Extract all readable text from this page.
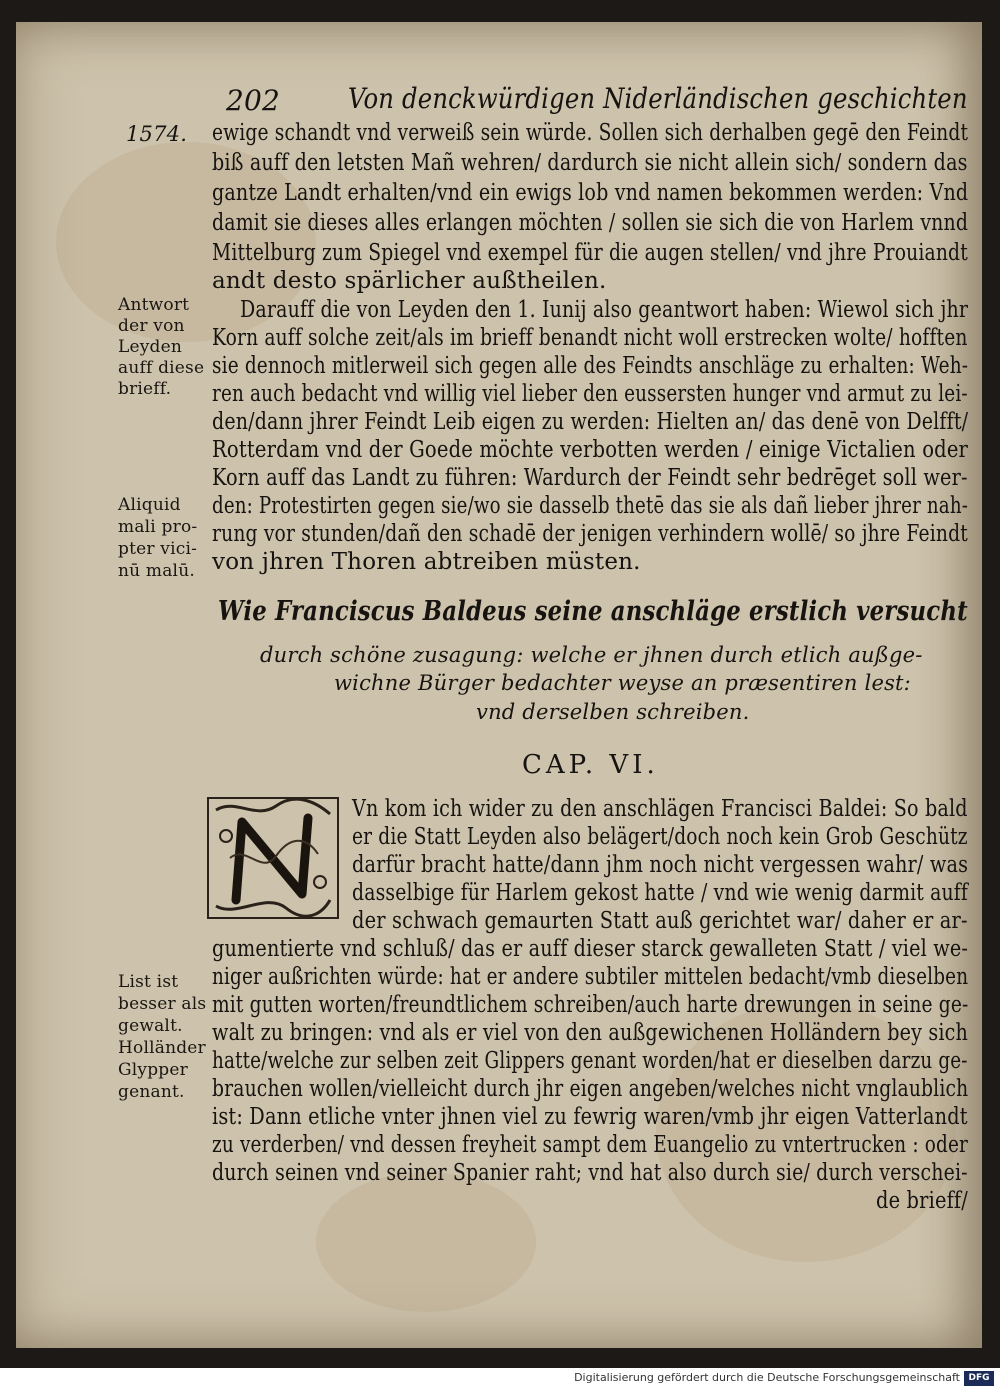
202 Von denckwürdigen Niderländischen geschichten
1574. ewige schandt vnd verweiß sein würde. Sollen sich derhalben gegē den Feindt
biß auff den letsten Mañ wehren/ dardurch sie nicht allein sich/ sondern das
gantze Landt erhalten/vnd ein ewigs lob vnd namen bekommen werden: Vnd
damit sie dieses alles erlangen möchten / sollen sie sich die von Harlem vnnd
Mittelburg zum Spiegel vnd exempel für die augen stellen/ vnd jhre Prouiandt
andt desto spärlicher außtheilen.
Antwort
der von
Leyden
auff diese
brieff.
Darauff die von Leyden den 1. Iunij also geantwort haben: Wiewol sich jhr
Korn auff solche zeit/als im brieff benandt nicht woll erstrecken wolte/ hofften
sie dennoch mitlerweil sich gegen alle des Feindts anschläge zu erhalten: Weh-
ren auch bedacht vnd willig viel lieber den eussersten hunger vnd armut zu lei-
den/dann jhrer Feindt Leib eigen zu werden: Hielten an/ das denē von Delfft/
Rotterdam vnd der Goede möchte verbotten werden / einige Victalien oder
Korn auff das Landt zu führen: Wardurch der Feindt sehr bedrēget soll wer-
den: Protestirten gegen sie/wo sie dasselb thetē das sie als dañ lieber jhrer nah-
rung vor stunden/dañ den schadē der jenigen verhindern wollē/ so jhre Feindt
von jhren Thoren abtreiben müsten.
Aliquid
mali pro-
pter vici-
nū malū.
Wie Franciscus Baldeus seine anschläge erstlich versucht
durch schöne zusagung: welche er jhnen durch etlich außge-
wichne Bürger bedachter weyse an præsentiren lest:
vnd derselben schreiben.
CAP. VI.
Vn kom ich wider zu den anschlägen Francisci Baldei: So bald
er die Statt Leyden also belägert/doch noch kein Grob Geschütz
darfür bracht hatte/dann jhm noch nicht vergessen wahr/ was
dasselbige für Harlem gekost hatte / vnd wie wenig darmit auff
der schwach gemaurten Statt auß gerichtet war/ daher er ar-
gumentierte vnd schluß/ das er auff dieser starck gewalleten Statt / viel we-
niger außrichten würde: hat er andere subtiler mittelen bedacht/vmb dieselben
mit gutten worten/freundtlichem schreiben/auch harte drewungen in seine ge-
walt zu bringen: vnd als er viel von den außgewichenen Holländern bey sich
hatte/welche zur selben zeit Glippers genant worden/hat er dieselben darzu ge-
brauchen wollen/vielleicht durch jhr eigen angeben/welches nicht vnglaublich
ist: Dann etliche vnter jhnen viel zu fewrig waren/vmb jhr eigen Vatterlandt
zu verderben/ vnd dessen freyheit sampt dem Euangelio zu vntertrucken : oder
durch seinen vnd seiner Spanier raht; vnd hat also durch sie/ durch verschei-
de brieff/
List ist
besser als
gewalt.
Holländer
Glypper
genant.
Digitalisierung gefördert durch die Deutsche Forschungsgemeinschaft DFG
